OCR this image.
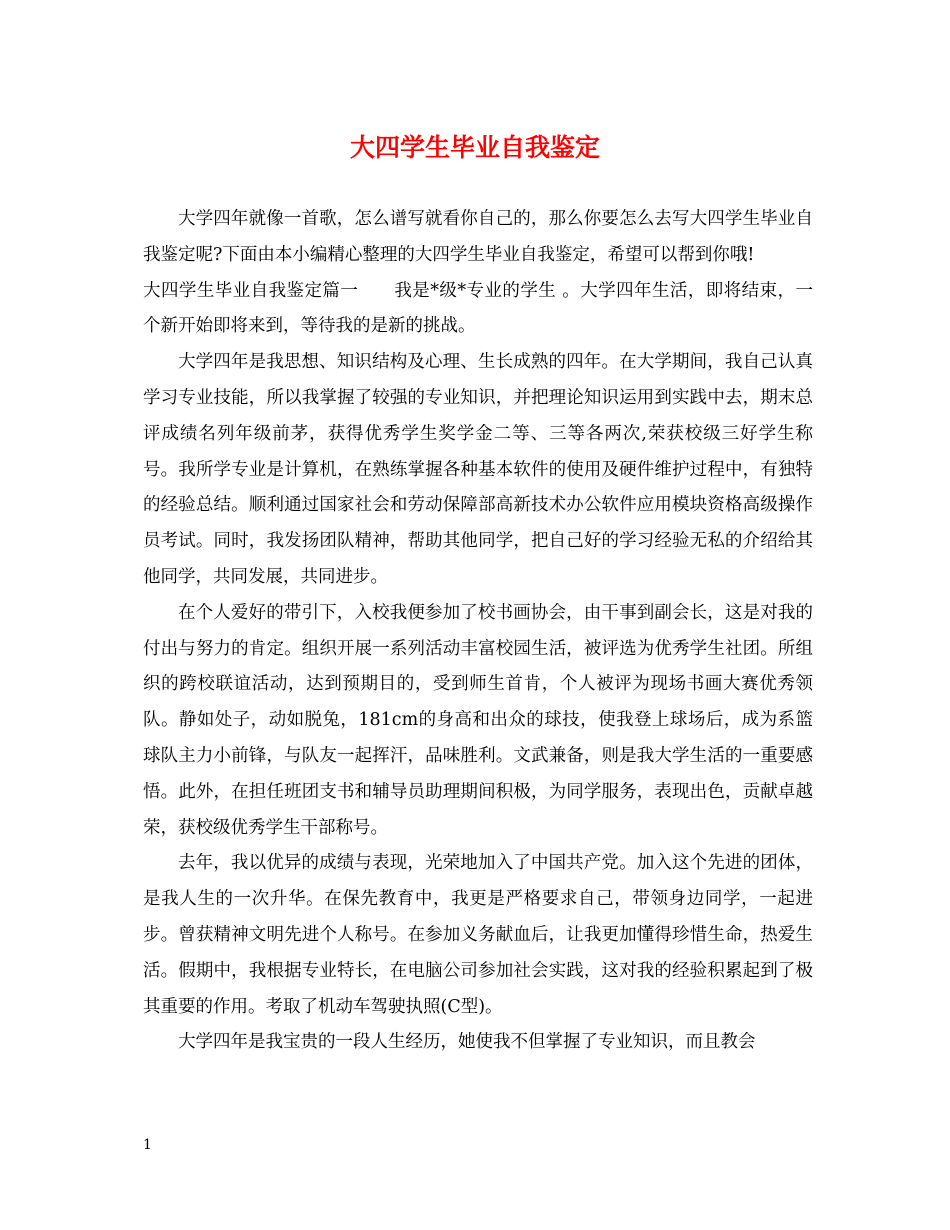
大四学生毕业自我鉴定

大学四年就像一首歌，怎么谱写就看你自己的，那么你要怎么去写大四学生毕业自我鉴定呢?下面由本小编精心整理的大四学生毕业自我鉴定，希望可以帮到你哦!

大四学生毕业自我鉴定篇一 我是*级*专业的学生 。大学四年生活，即将结束，一个新开始即将来到，等待我的是新的挑战。

大学四年是我思想、知识结构及心理、生长成熟的四年。在大学期间，我自己认真学习专业技能，所以我掌握了较强的专业知识，并把理论知识运用到实践中去，期末总评成绩名列年级前茅，获得优秀学生奖学金二等、三等各两次,荣获校级三好学生称号。我所学专业是计算机，在熟练掌握各种基本软件的使用及硬件维护过程中，有独特的经验总结。顺利通过国家社会和劳动保障部高新技术办公软件应用模块资格高级操作员考试。同时，我发扬团队精神，帮助其他同学，把自己好的学习经验无私的介绍给其他同学，共同发展，共同进步。

在个人爱好的带引下，入校我便参加了校书画协会，由干事到副会长，这是对我的付出与努力的肯定。组织开展一系列活动丰富校园生活，被评选为优秀学生社团。所组织的跨校联谊活动，达到预期目的，受到师生首肯，个人被评为现场书画大赛优秀领队。静如处子，动如脱兔，181cm的身高和出众的球技，使我登上球场后，成为系篮球队主力小前锋，与队友一起挥汗，品味胜利。文武兼备，则是我大学生活的一重要感悟。此外，在担任班团支书和辅导员助理期间积极，为同学服务，表现出色，贡献卓越荣，获校级优秀学生干部称号。

去年，我以优异的成绩与表现，光荣地加入了中国共产党。加入这个先进的团体，是我人生的一次升华。在保先教育中，我更是严格要求自己，带领身边同学，一起进步。曾获精神文明先进个人称号。在参加义务献血后，让我更加懂得珍惜生命，热爱生活。假期中，我根据专业特长，在电脑公司参加社会实践，这对我的经验积累起到了极其重要的作用。考取了机动车驾驶执照(C型)。

大学四年是我宝贵的一段人生经历，她使我不但掌握了专业知识，而且教会

1
